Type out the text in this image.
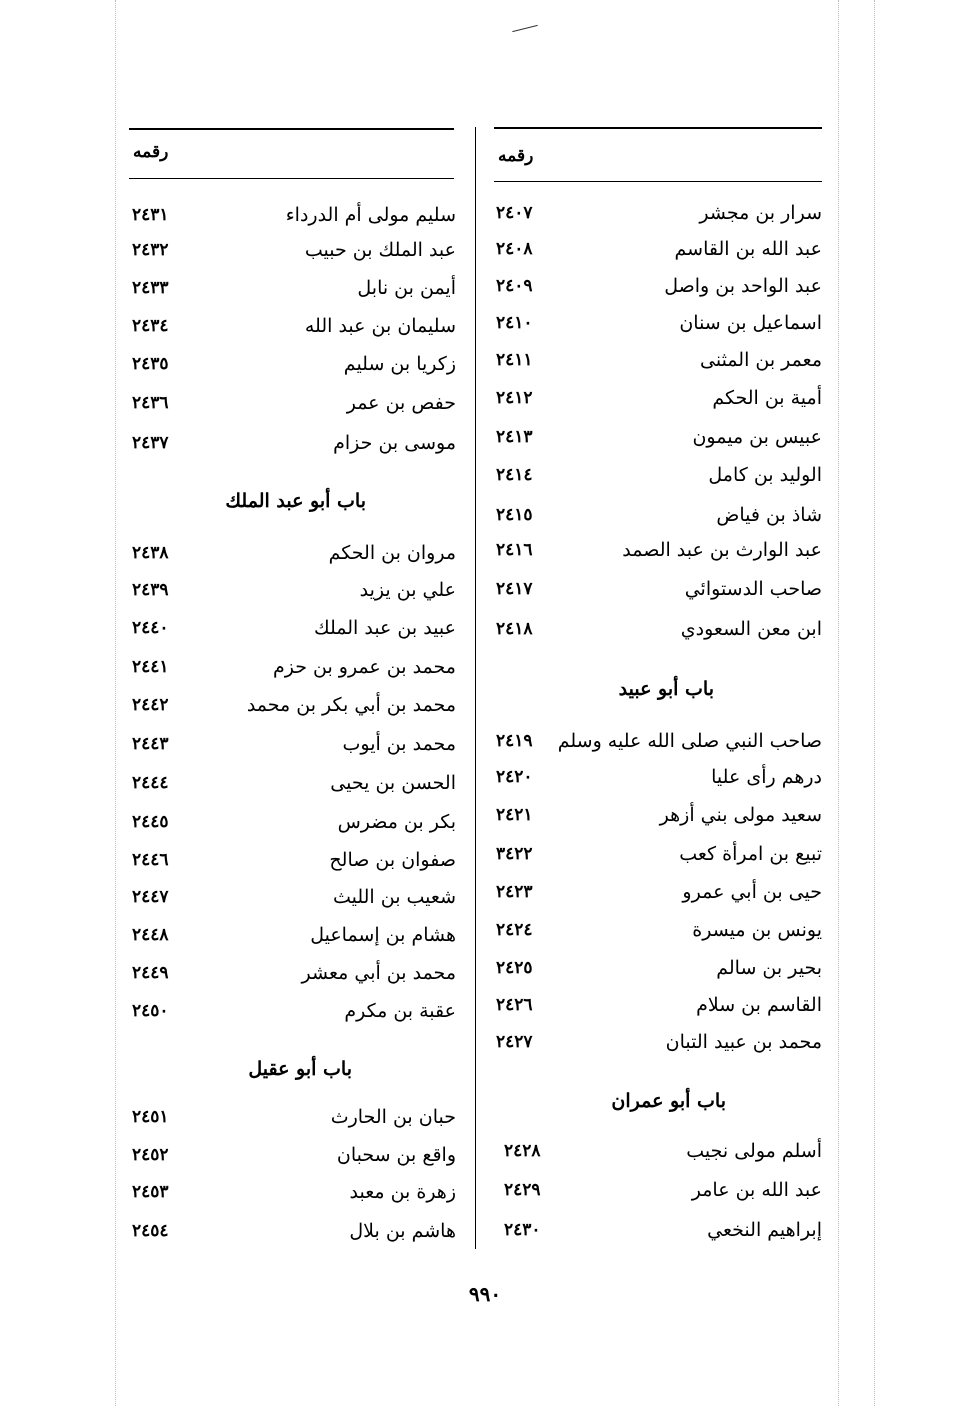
رقمه
رقمه
سرار بن مجشر
٢٤٠٧
عبد الله بن القاسم
٢٤٠٨
عبد الواحد بن واصل
٢٤٠٩
اسماعيل بن سنان
٢٤١٠
معمر بن المثنى
٢٤١١
أمية بن الحكم
٢٤١٢
عبيس بن ميمون
٢٤١٣
الوليد بن كامل
٢٤١٤
شاذ بن فياض
٢٤١٥
عبد الوارث بن عبد الصمد
٢٤١٦
صاحب الدستوائي
٢٤١٧
ابن معن السعودي
٢٤١٨
باب أبو عبيد
صاحب النبي صلى الله عليه وسلم
٢٤١٩
درهم رأى عليا
٢٤٢٠
سعيد مولى بني أزهر
٢٤٢١
تبيع بن امرأة كعب
٣٤٢٢
حيى بن أبي عمرو
٢٤٢٣
يونس بن ميسرة
٢٤٢٤
بحير بن سالم
٢٤٢٥
القاسم بن سلام
٢٤٢٦
محمد بن عبيد التبان
٢٤٢٧
باب أبو عمران
أسلم مولى نجيب
٢٤٢٨
عبد الله بن عامر
٢٤٢٩
إبراهيم النخعي
٢٤٣٠
سليم مولى أم الدرداء
٢٤٣١
عبد الملك بن حبيب
٢٤٣٢
أيمن بن نابل
٢٤٣٣
سليمان بن عبد الله
٢٤٣٤
زكريا بن سليم
٢٤٣٥
حفص بن عمر
٢٤٣٦
موسى بن حزام
٢٤٣٧
باب أبو عبد الملك
مروان بن الحكم
٢٤٣٨
علي بن يزيد
٢٤٣٩
عبيد بن عبد الملك
٢٤٤٠
محمد بن عمرو بن حزم
٢٤٤١
محمد بن أبي بكر بن محمد
٢٤٤٢
محمد بن أيوب
٢٤٤٣
الحسن بن يحيى
٢٤٤٤
بكر بن مضرس
٢٤٤٥
صفوان بن صالح
٢٤٤٦
شعيب بن الليث
٢٤٤٧
هشام بن إسماعيل
٢٤٤٨
محمد بن أبي معشر
٢٤٤٩
عقبة بن مكرم
٢٤٥٠
باب أبو عقيل
حبان بن الحارث
٢٤٥١
واقع بن سحبان
٢٤٥٢
زهرة بن معبد
٢٤٥٣
هاشم بن بلال
٢٤٥٤
٩٩٠
